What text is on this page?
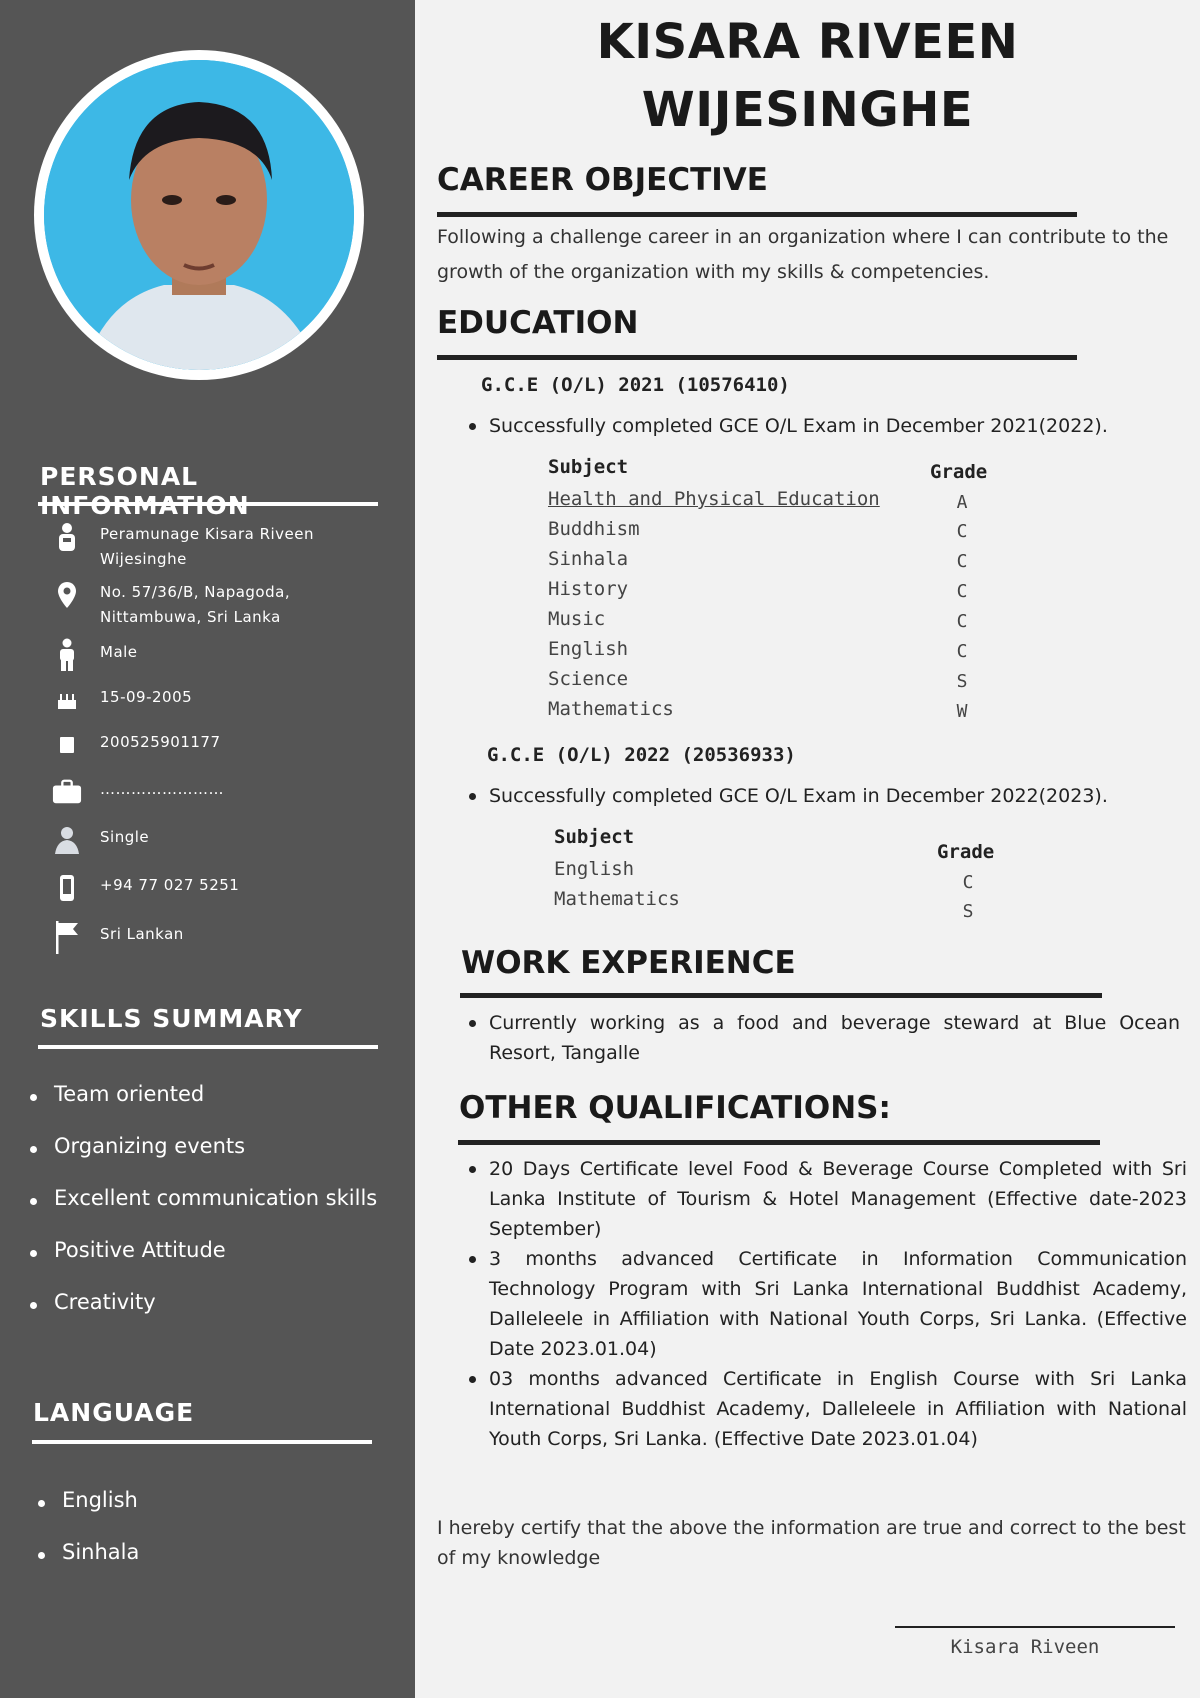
PERSONAL
Peramunage Kisara Riveen Wijesinghe
No. 57/36/B, Napagoda, Nittambuwa, Sri Lanka
Male
15-09-2005
200525901177
……………………
Single
+94 77 027 5251
Sri Lankan
SKILLS SUMMARY
Team oriented
Organizing events
Excellent communication skills
Positive Attitude
Creativity
LANGUAGE
English
Sinhala
KISARA RIVEEN
WIJESINGHE
CAREER OBJECTIVE
Following a challenge career in an organization where I can contribute to the growth of the organization with my skills & competencies.
EDUCATION
G.C.E (O/L) 2021 (10576410)
Successfully completed GCE O/L Exam in December 2021(2022).
Subject	Grade
Health and Physical Education
Buddhism
Sinhala
History
Music
English
Science
Mathematics
A
C
C
C
C
C
S
W
G.C.E (O/L) 2022 (20536933)
Successfully completed GCE O/L Exam in December 2022(2023).
Subject
Grade
English
Mathematics
C
S
WORK EXPERIENCE
Currently working as a food and beverage steward at Blue Ocean Resort, Tangalle
OTHER QUALIFICATIONS:
20 Days Certificate level Food & Beverage Course Completed with Sri Lanka Institute of Tourism & Hotel Management (Effective date-2023 September)
3 months advanced Certificate in Information Communication Technology Program with Sri Lanka International Buddhist Academy, Dalleleele in Affiliation with National Youth Corps, Sri Lanka. (Effective Date 2023.01.04)
03 months advanced Certificate in English Course with Sri Lanka International Buddhist Academy, Dalleleele in Affiliation with National Youth Corps, Sri Lanka. (Effective Date 2023.01.04)
I hereby certify that the above the information are true and correct to the best of my knowledge
Kisara Riveen
